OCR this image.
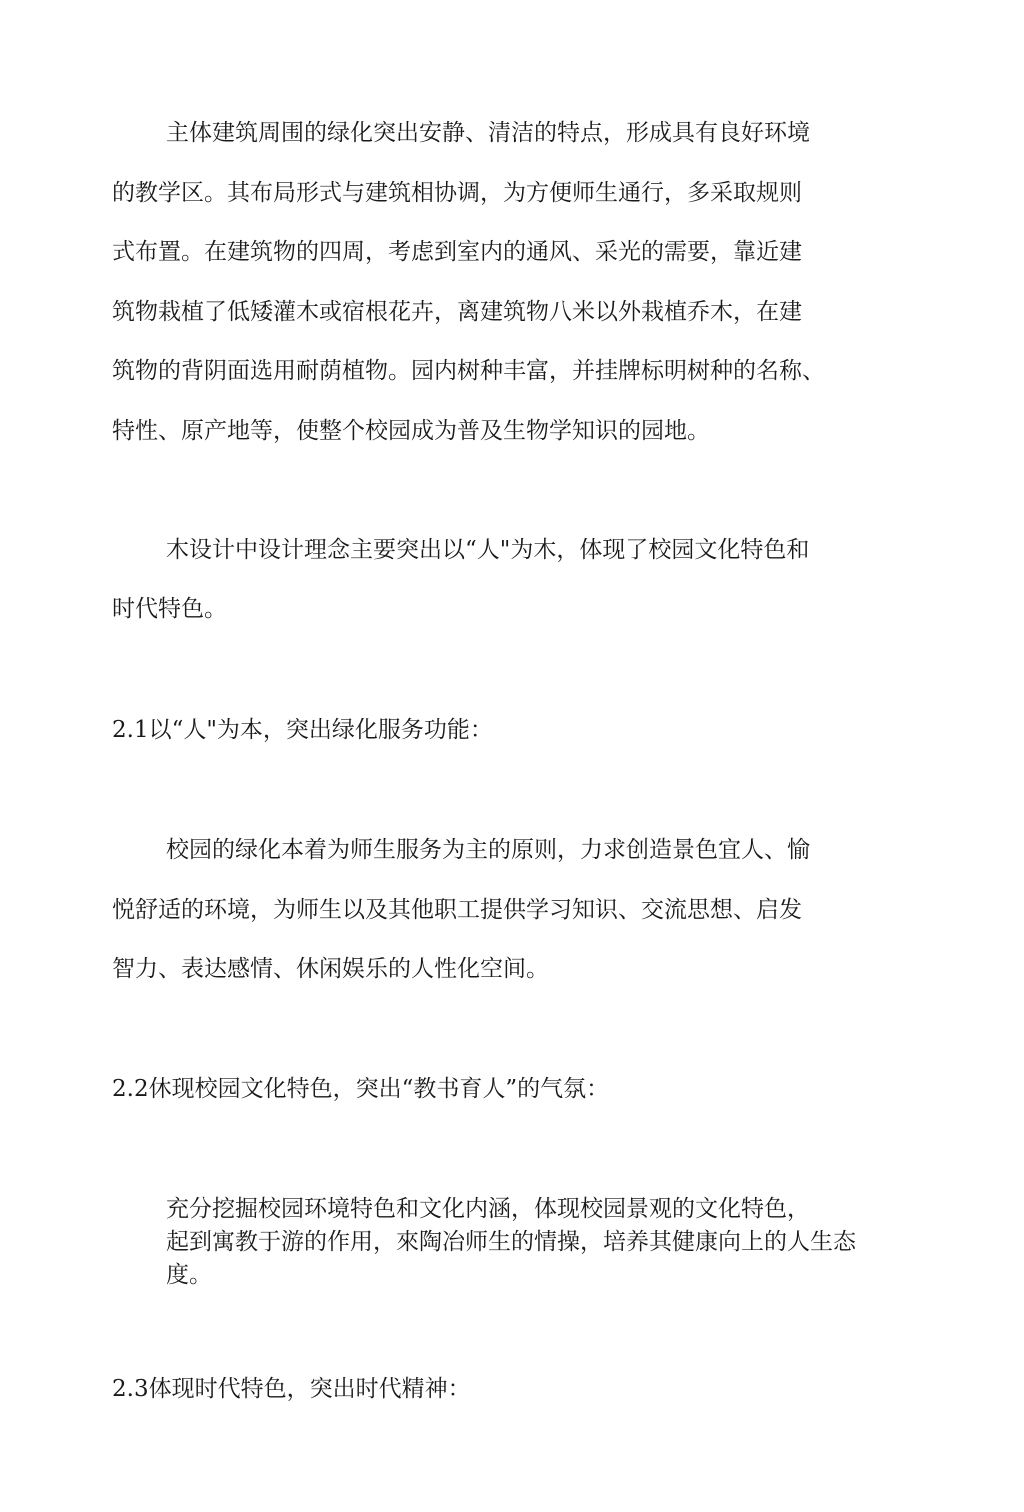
主体建筑周围的绿化突出安静、清洁的特点，形成具有良好环境
的教学区。其布局形式与建筑相协调，为方便师生通行，多采取规则
式布置。在建筑物的四周，考虑到室内的通风、采光的需要，靠近建
筑物栽植了低矮灌木或宿根花卉，离建筑物八米以外栽植乔木，在建
筑物的背阴面选用耐荫植物。园内树种丰富，并挂牌标明树种的名称、
特性、原产地等，使整个校园成为普及生物学知识的园地。
木设计中设计理念主要突出以“人"为木，体现了校园文化特色和
时代特色。
2.1以“人"为本，突出绿化服务功能：
校园的绿化本着为师生服务为主的原则，力求创造景色宜人、愉
悦舒适的环境，为师生以及其他职工提供学习知识、交流思想、启发
智力、表达感情、休闲娱乐的人性化空间。
2.2休现校园文化特色，突出“教书育人”的气氛：
充分挖掘校园环境特色和文化内涵，体现校园景观的文化特色，
起到寓教于游的作用，來陶冶师生的情操，培养其健康向上的人生态
度。
2.3体现时代特色，突出时代精神：
